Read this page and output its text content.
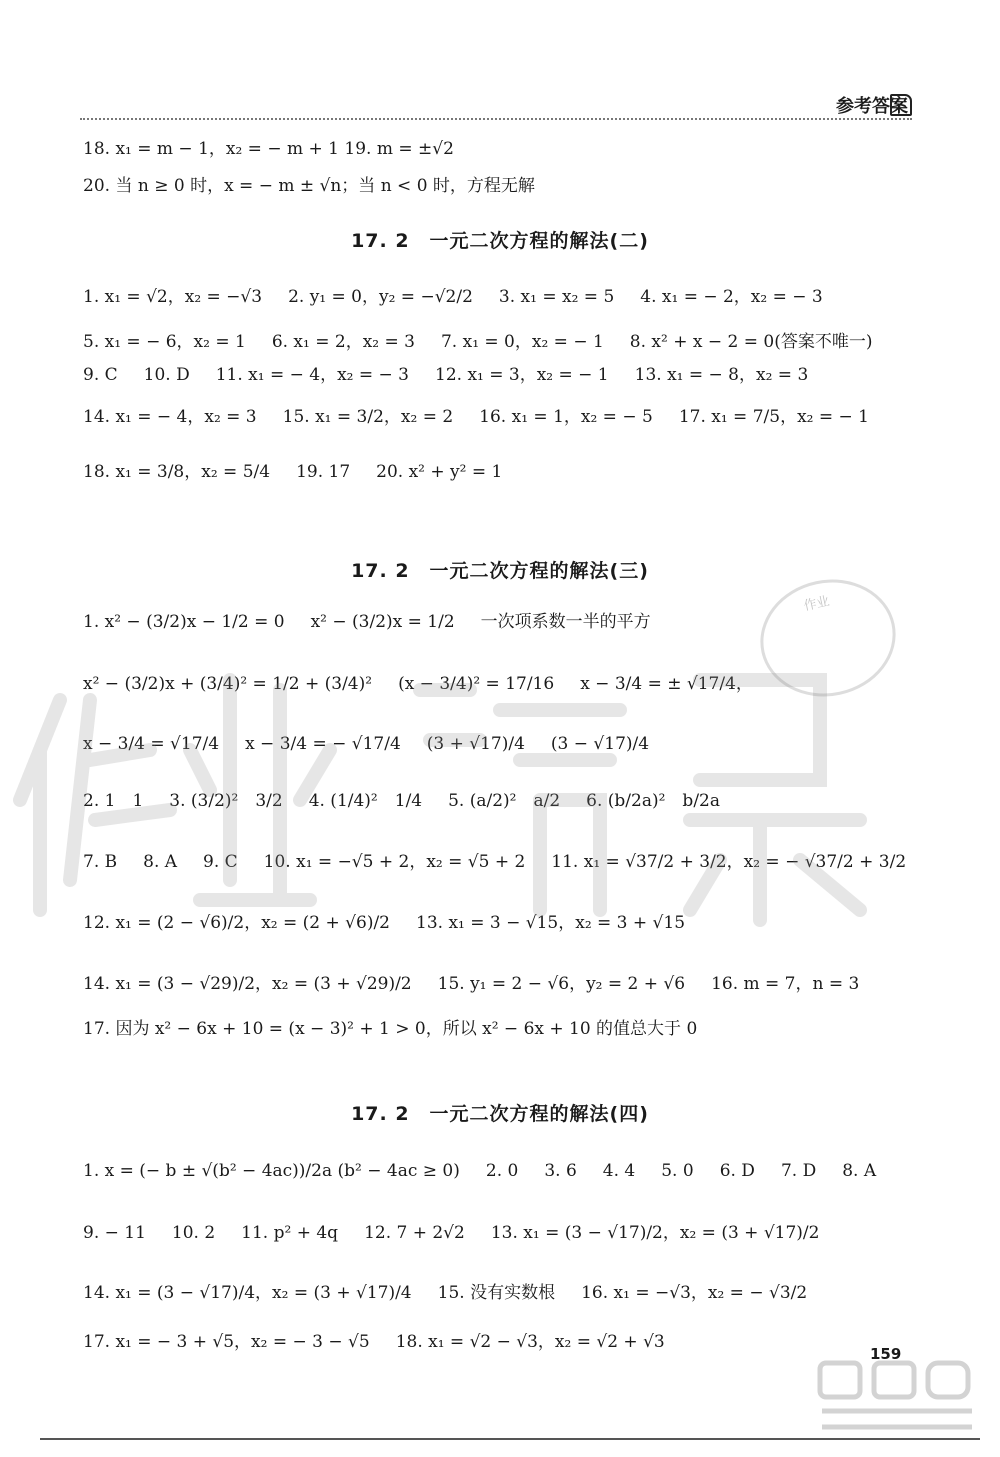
参考答案
18. x₁ = m − 1，x₂ = − m + 1 19. m = ±√2
20. 当 n ≥ 0 时，x = − m ± √n；当 n < 0 时，方程无解
17. 2　一元二次方程的解法(二)
1. x₁ = √2，x₂ = −√3 2. y₁ = 0，y₂ = −√2/2 3. x₁ = x₂ = 5 4. x₁ = − 2，x₂ = − 3
5. x₁ = − 6，x₂ = 1 6. x₁ = 2，x₂ = 3 7. x₁ = 0，x₂ = − 1 8. x² + x − 2 = 0(答案不唯一)
9. C 10. D 11. x₁ = − 4，x₂ = − 3 12. x₁ = 3，x₂ = − 1 13. x₁ = − 8，x₂ = 3
14. x₁ = − 4，x₂ = 3 15. x₁ = 3/2，x₂ = 2 16. x₁ = 1，x₂ = − 5 17. x₁ = 7/5，x₂ = − 1
18. x₁ = 3/8，x₂ = 5/4 19. 17 20. x² + y² = 1
17. 2　一元二次方程的解法(三)
1. x² − (3/2)x − 1/2 = 0 x² − (3/2)x = 1/2 一次项系数一半的平方
x² − (3/2)x + (3/4)² = 1/2 + (3/4)² (x − 3/4)² = 17/16 x − 3/4 = ± √17/4，
x − 3/4 = √17/4 x − 3/4 = − √17/4 (3 + √17)/4 (3 − √17)/4
2. 1　1 3. (3/2)²　3/2 4. (1/4)²　1/4 5. (a/2)²　a/2 6. (b/2a)²　b/2a
7. B 8. A 9. C 10. x₁ = −√5 + 2，x₂ = √5 + 2 11. x₁ = √37/2 + 3/2，x₂ = − √37/2 + 3/2
12. x₁ = (2 − √6)/2，x₂ = (2 + √6)/2 13. x₁ = 3 − √15，x₂ = 3 + √15
14. x₁ = (3 − √29)/2，x₂ = (3 + √29)/2 15. y₁ = 2 − √6，y₂ = 2 + √6 16. m = 7，n = 3
17. 因为 x² − 6x + 10 = (x − 3)² + 1 > 0，所以 x² − 6x + 10 的值总大于 0
17. 2　一元二次方程的解法(四)
1. x = (− b ± √(b² − 4ac))/2a (b² − 4ac ≥ 0) 2. 0 3. 6 4. 4 5. 0 6. D 7. D 8. A
9. − 11 10. 2 11. p² + 4q 12. 7 + 2√2 13. x₁ = (3 − √17)/2，x₂ = (3 + √17)/2
14. x₁ = (3 − √17)/4，x₂ = (3 + √17)/4 15. 没有实数根 16. x₁ = −√3，x₂ = − √3/2
17. x₁ = − 3 + √5，x₂ = − 3 − √5 18. x₁ = √2 − √3，x₂ = √2 + √3
作业
159
